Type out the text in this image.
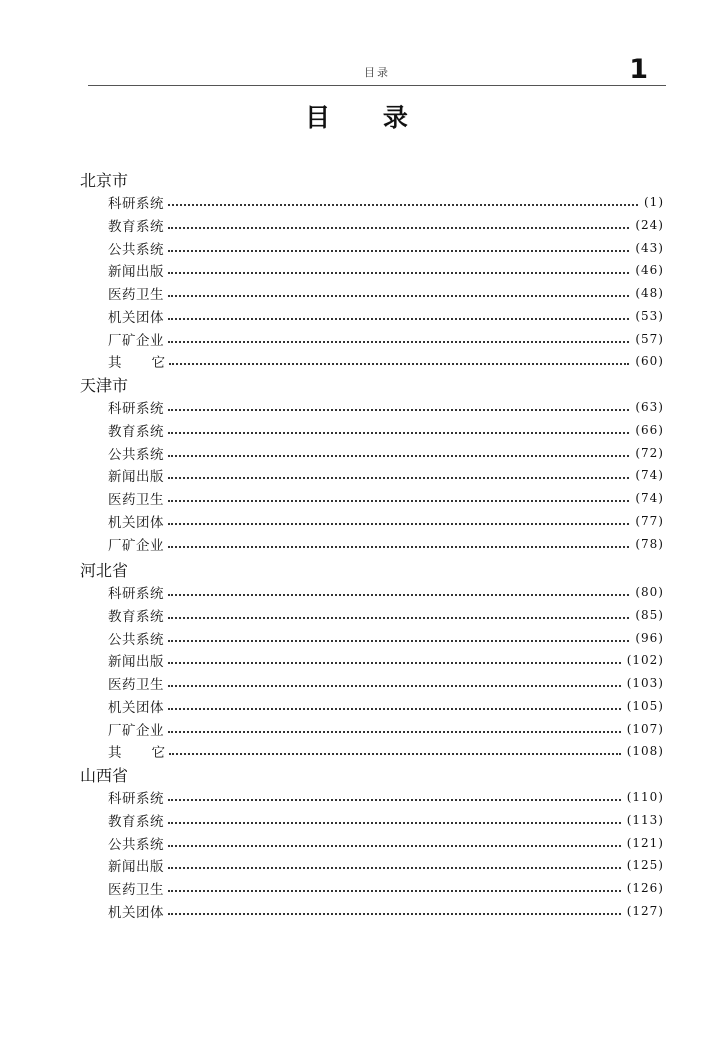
目录	1
目 录
北京市
科研系统	(1)
教育系统	(24)
公共系统	(43)
新闻出版	(46)
医药卫生	(48)
机关团体	(53)
厂矿企业	(57)
其它	(60)
天津市
科研系统	(63)
教育系统	(66)
公共系统	(72)
新闻出版	(74)
医药卫生	(74)
机关团体	(77)
厂矿企业	(78)
河北省
科研系统	(80)
教育系统	(85)
公共系统	(96)
新闻出版	(102)
医药卫生	(103)
机关团体	(105)
厂矿企业	(107)
其它	(108)
山西省
科研系统	(110)
教育系统	(113)
公共系统	(121)
新闻出版	(125)
医药卫生	(126)
机关团体	(127)
